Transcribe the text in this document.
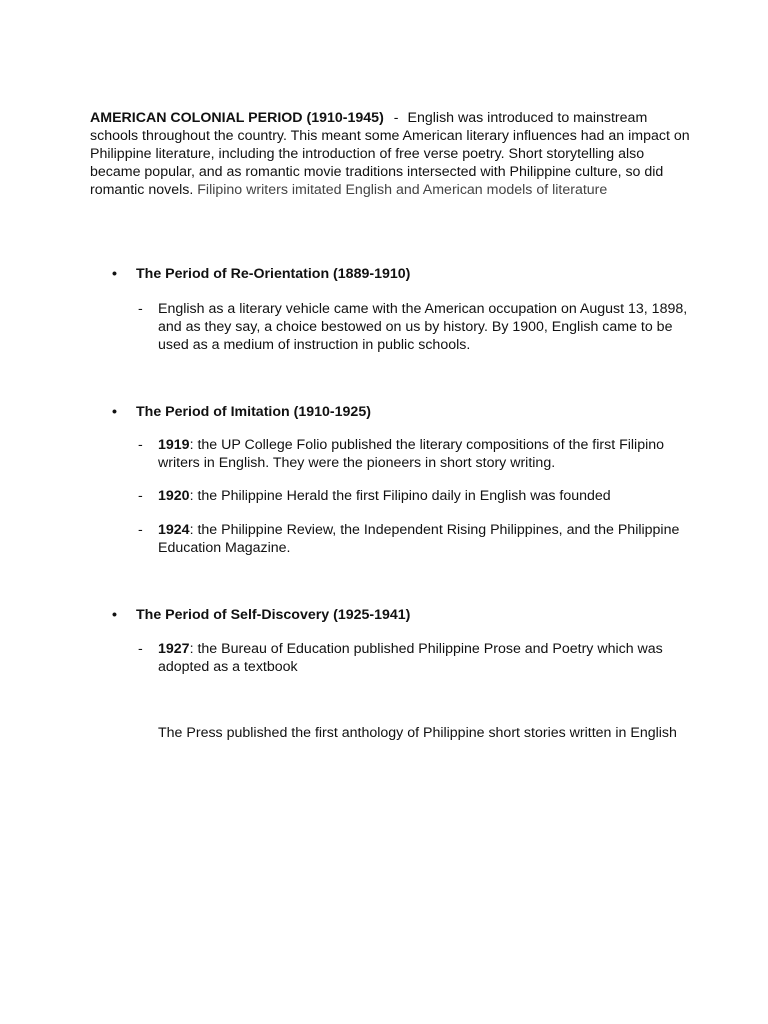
AMERICAN COLONIAL PERIOD (1910-1945) - English was introduced to mainstream schools throughout the country. This meant some American literary influences had an impact on Philippine literature, including the introduction of free verse poetry. Short storytelling also became popular, and as romantic movie traditions intersected with Philippine culture, so did romantic novels. Filipino writers imitated English and American models of literature
• The Period of Re-Orientation (1889-1910)
-	English as a literary vehicle came with the American occupation on August 13, 1898, and as they say, a choice bestowed on us by history. By 1900, English came to be used as a medium of instruction in public schools.
• The Period of Imitation (1910-1925)
-	1919: the UP College Folio published the literary compositions of the first Filipino writers in English. They were the pioneers in short story writing.
-	1920: the Philippine Herald the first Filipino daily in English was founded
-	1924: the Philippine Review, the Independent Rising Philippines, and the Philippine Education Magazine.
• The Period of Self-Discovery (1925-1941)
-	1927: the Bureau of Education published Philippine Prose and Poetry which was adopted as a textbook
The Press published the first anthology of Philippine short stories written in English
